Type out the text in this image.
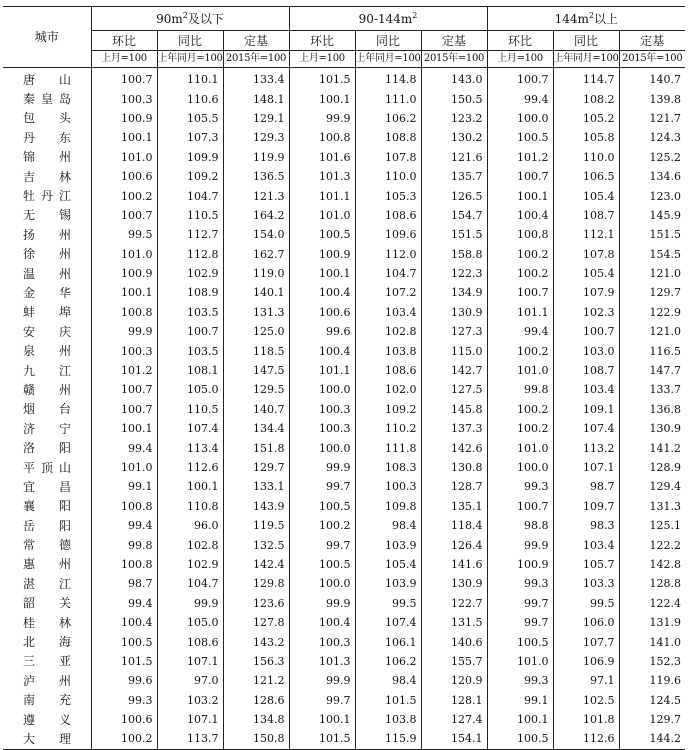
城市	$90m^2$及以下			$90-144m^2$			$144m^2$以上		
	环比	同比	定基	环比	同比	定基	环比	同比	定基
	上月=100	上年同月=100	2015年=100	上月=100	上年同月=100	2015年=100	上月=100	上年同月=100	2015年=100

唐山	100.7	110.1	133.4	101.5	114.8	143.0	100.7	114.7	140.7

秦皇岛	100.3	110.6	148.1	100.1	111.0	150.5	99.4	108.2	139.8

包头	100.9	105.5	129.1	99.9	106.2	123.2	100.0	105.2	121.7

丹东	100.1	107.3	129.3	100.8	108.8	130.2	100.5	105.8	124.3

锦州	101.0	109.9	119.9	101.6	107.8	121.6	101.2	110.0	125.2

吉林	100.6	109.2	136.5	101.3	110.0	135.7	100.7	106.5	134.6

牡丹江	100.2	104.7	121.3	101.1	105.3	126.5	100.1	105.4	123.0

无锡	100.7	110.5	164.2	101.0	108.6	154.7	100.4	108.7	145.9

扬州	99.5	112.7	154.0	100.5	109.6	151.5	100.8	112.1	151.5

徐州	101.0	112.8	162.7	100.9	112.0	158.8	100.2	107.8	154.5

温州	100.9	102.9	119.0	100.1	104.7	122.3	100.2	105.4	121.0

金华	100.1	108.9	140.1	100.4	107.2	134.9	100.7	107.9	129.7

蚌埠	100.8	103.5	131.3	100.6	103.4	130.9	101.1	102.3	122.9

安庆	99.9	100.7	125.0	99.6	102.8	127.3	99.4	100.7	121.0

泉州	100.3	103.5	118.5	100.4	103.8	115.0	100.2	103.0	116.5

九江	101.2	108.1	147.5	101.1	108.6	142.7	101.0	108.7	147.7

赣州	100.7	105.0	129.5	100.0	102.0	127.5	99.8	103.4	133.7

烟台	100.7	110.5	140.7	100.3	109.2	145.8	100.2	109.1	136.8

济宁	100.1	107.4	134.4	100.3	110.2	137.3	100.2	107.4	130.9

洛阳	99.4	113.4	151.8	100.0	111.8	142.6	101.0	113.2	141.2

平顶山	101.0	112.6	129.7	99.9	108.3	130.8	100.0	107.1	128.9

宜昌	99.1	100.1	133.1	99.7	100.3	128.7	99.3	98.7	129.4

襄阳	100.8	110.8	143.9	100.5	109.8	135.1	100.7	109.7	131.3

岳阳	99.4	96.0	119.5	100.2	98.4	118.4	98.8	98.3	125.1

常德	99.8	102.8	132.5	99.7	103.9	126.4	99.9	103.4	122.2

惠州	100.8	102.9	142.4	100.5	105.4	141.6	100.9	105.7	142.8

湛江	98.7	104.7	129.8	100.0	103.9	130.9	99.3	103.3	128.8

韶关	99.4	99.9	123.6	99.9	99.5	122.7	99.7	99.5	122.4

桂林	100.4	105.0	127.8	100.4	107.4	131.5	99.7	106.0	131.9

北海	100.5	108.6	143.2	100.3	106.1	140.6	100.5	107.7	141.0

三亚	101.5	107.1	156.3	101.3	106.2	155.7	101.0	106.9	152.3

泸州	99.6	97.0	121.2	99.9	98.4	120.9	99.3	97.1	119.6

南充	99.3	103.2	128.6	99.7	101.5	128.1	99.1	102.5	124.5

遵义	100.6	107.1	134.8	100.1	103.8	127.4	100.1	101.8	129.7

大理	100.2	113.7	150.8	101.5	115.9	154.1	100.5	112.6	144.2
